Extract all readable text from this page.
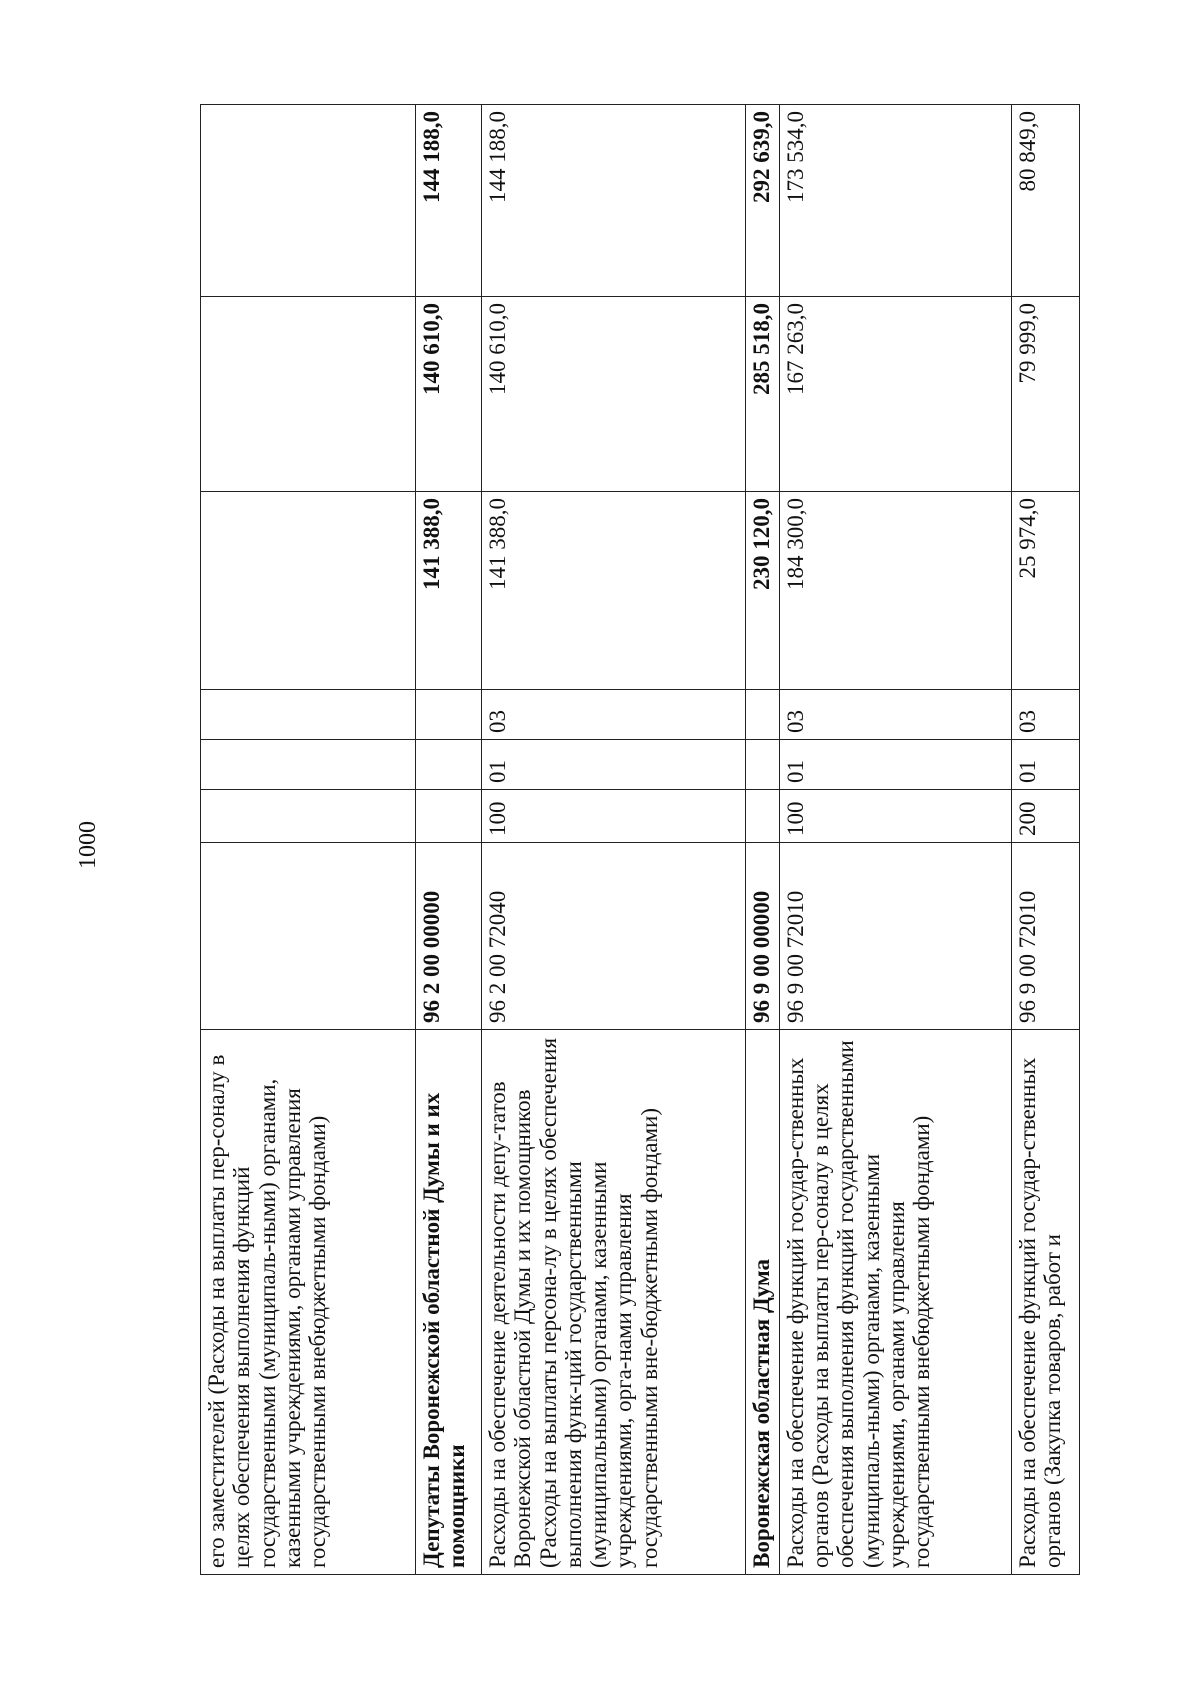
1000
его заместителей (Расходы на выплаты пер-соналу в целях обеспечения выполнения функций государственными (муниципаль-ными) органами, казенными учреждениями, органами управления государственными внебюджетными фондами)							
Депутаты Воронежской областной Думы и их помощники	96 2 00 00000				141 388,0	140 610,0	144 188,0
Расходы на обеспечение деятельности депу-татов Воронежской областной Думы и их помощников (Расходы на выплаты персона-лу в целях обеспечения выполнения функ-ций государственными (муниципальными) органами, казенными учреждениями, орга-нами управления государственными вне-бюджетными фондами)	96 2 00 72040	100	01	03	141 388,0	140 610,0	144 188,0
Воронежская областная Дума	96 9 00 00000				230 120,0	285 518,0	292 639,0
Расходы на обеспечение функций государ-ственных органов (Расходы на выплаты пер-соналу в целях обеспечения выполнения функций государственными (муниципаль-ными) органами, казенными учреждениями, органами управления государственными внебюджетными фондами)	96 9 00 72010	100	01	03	184 300,0	167 263,0	173 534,0
Расходы на обеспечение функций государ-ственных органов (Закупка товаров, работ и	96 9 00 72010	200	01	03	25 974,0	79 999,0	80 849,0
